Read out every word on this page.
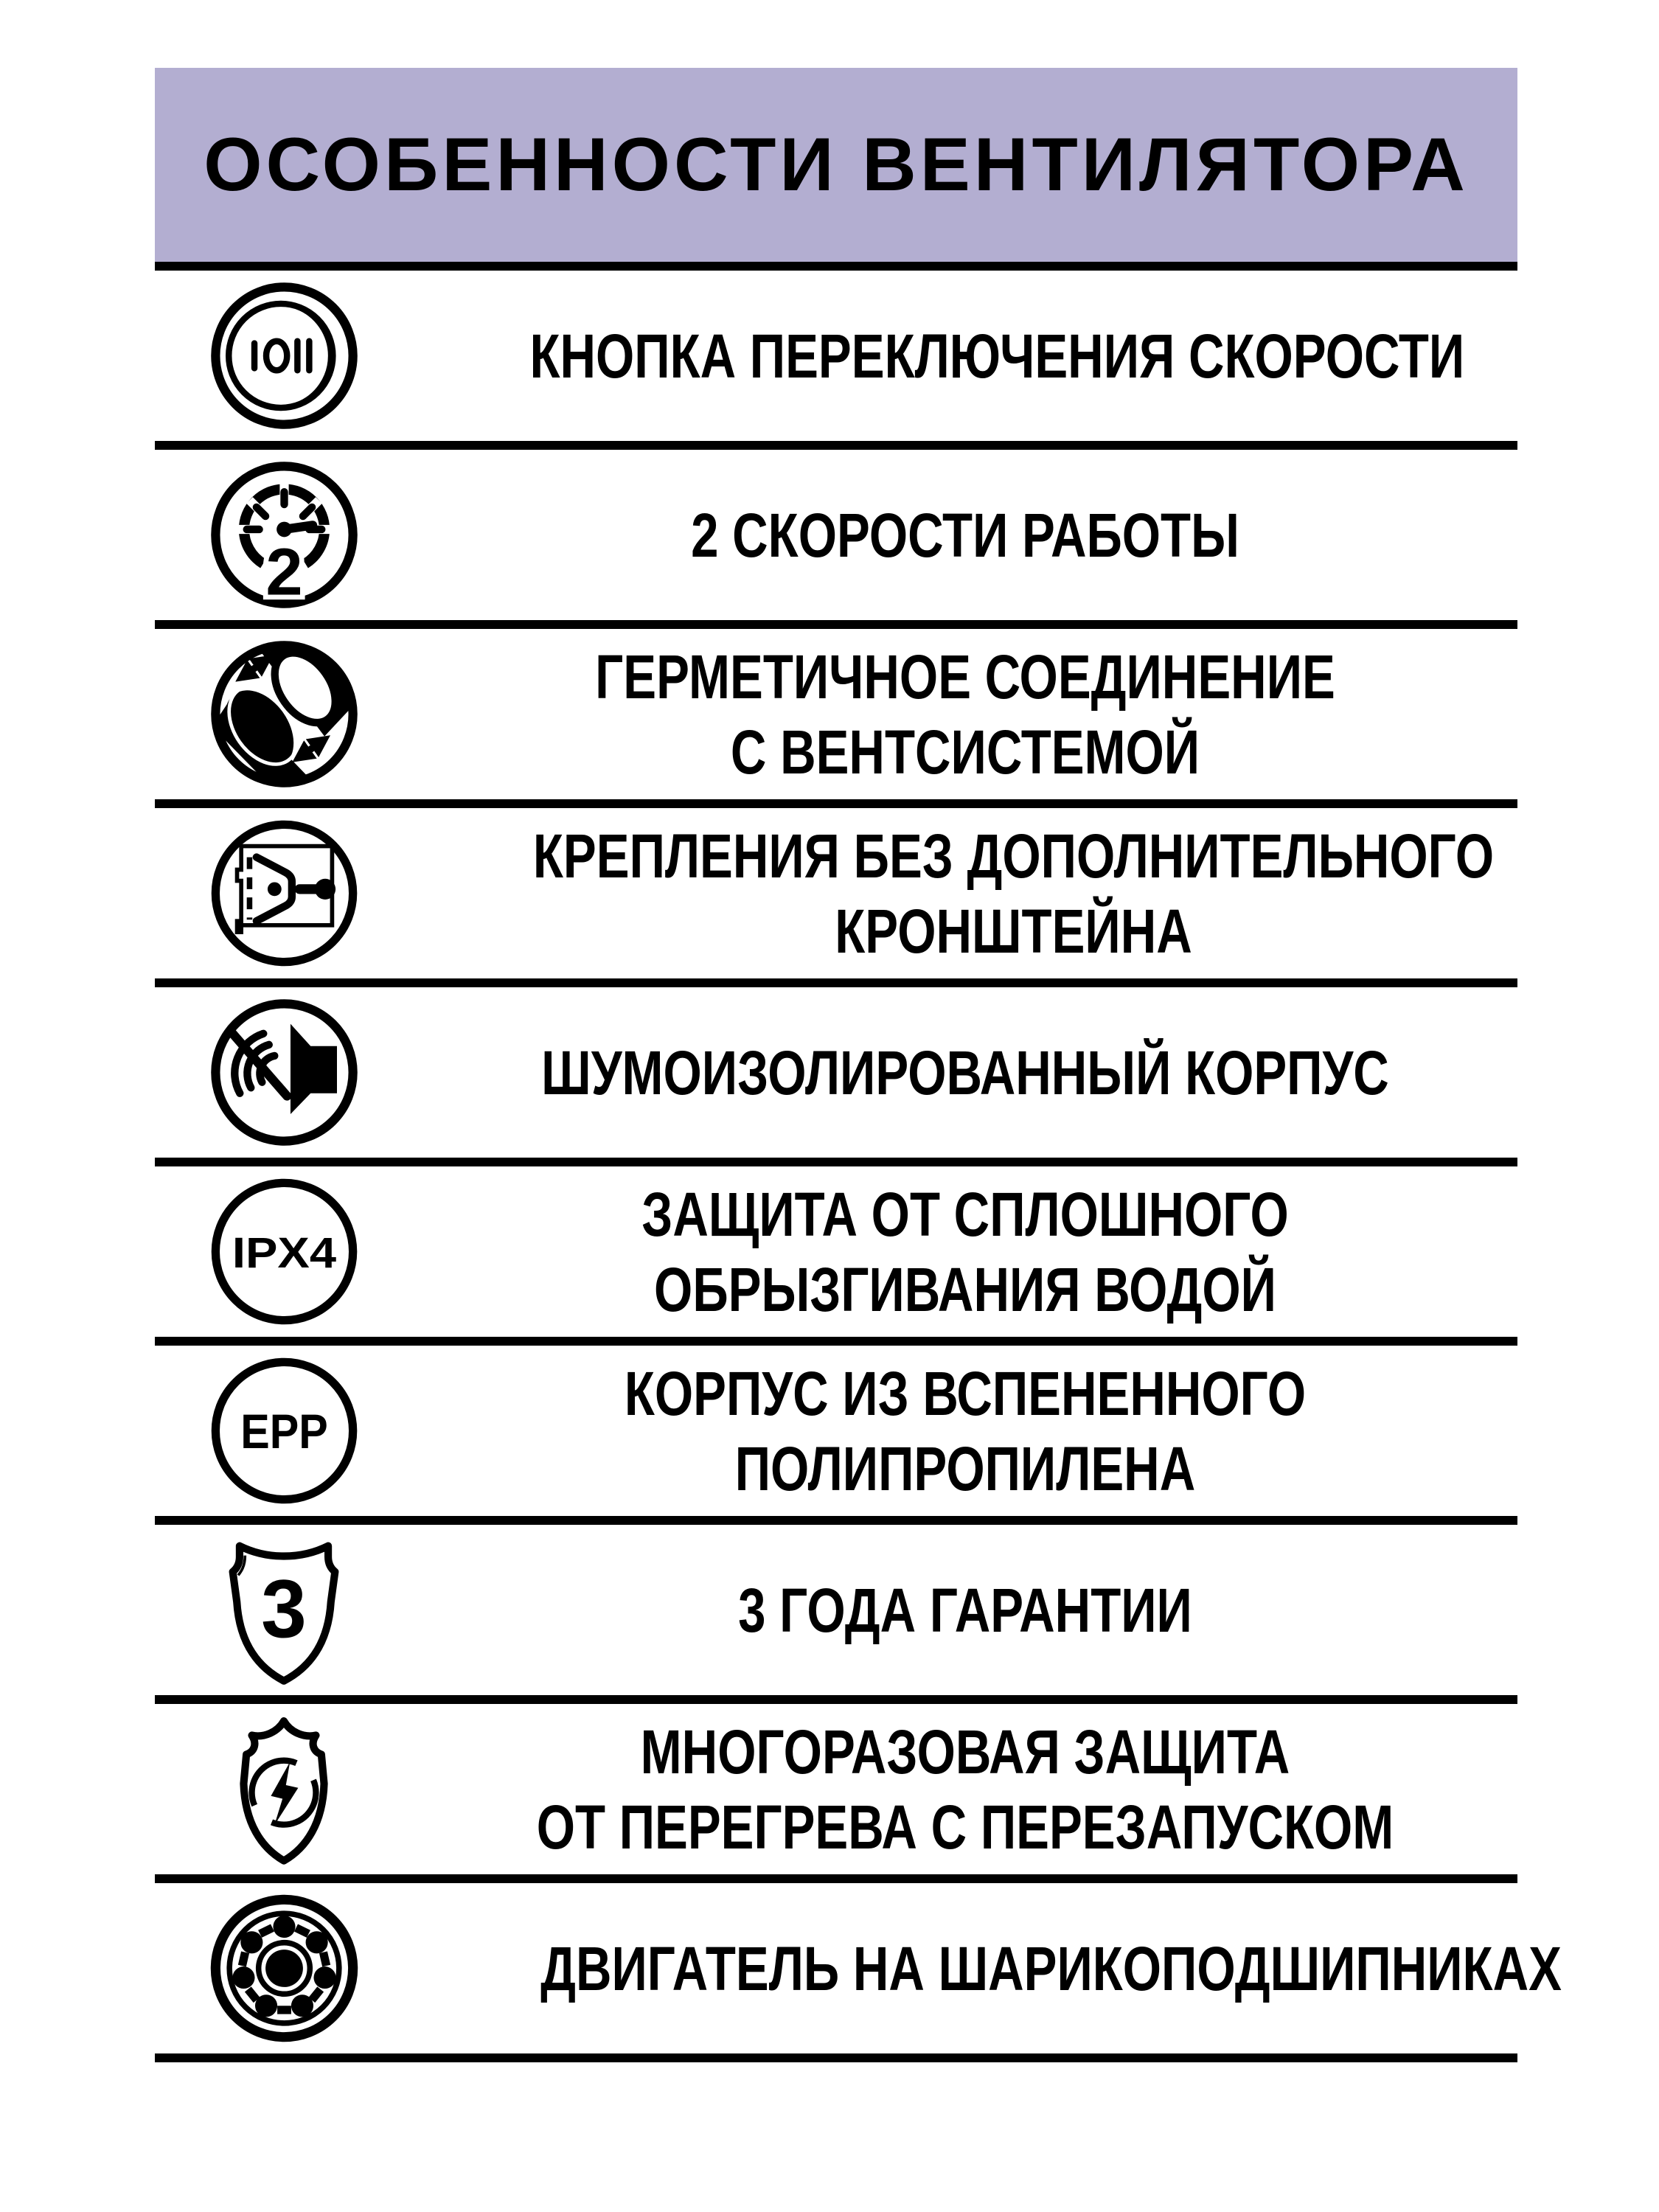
ОСОБЕННОСТИ ВЕНТИЛЯТОРА
КНОПКА ПЕРЕКЛЮЧЕНИЯ СКОРОСТИ
2	2 СКОРОСТИ РАБОТЫ
ГЕРМЕТИЧНОЕ СОЕДИНЕНИЕ
С ВЕНТСИСТЕМОЙ
КРЕПЛЕНИЯ БЕЗ ДОПОЛНИТЕЛЬНОГО
КРОНШТЕЙНА
ШУМОИЗОЛИРОВАННЫЙ КОРПУС
IPX4
ЗАЩИТА ОТ СПЛОШНОГО
ОБРЫЗГИВАНИЯ ВОДОЙ
EPP
КОРПУС ИЗ ВСПЕНЕННОГО
ПОЛИПРОПИЛЕНА
3	3 ГОДА ГАРАНТИИ
МНОГОРАЗОВАЯ ЗАЩИТА
ОТ ПЕРЕГРЕВА С ПЕРЕЗАПУСКОМ
ДВИГАТЕЛЬ НА ШАРИКОПОДШИПНИКАХ
